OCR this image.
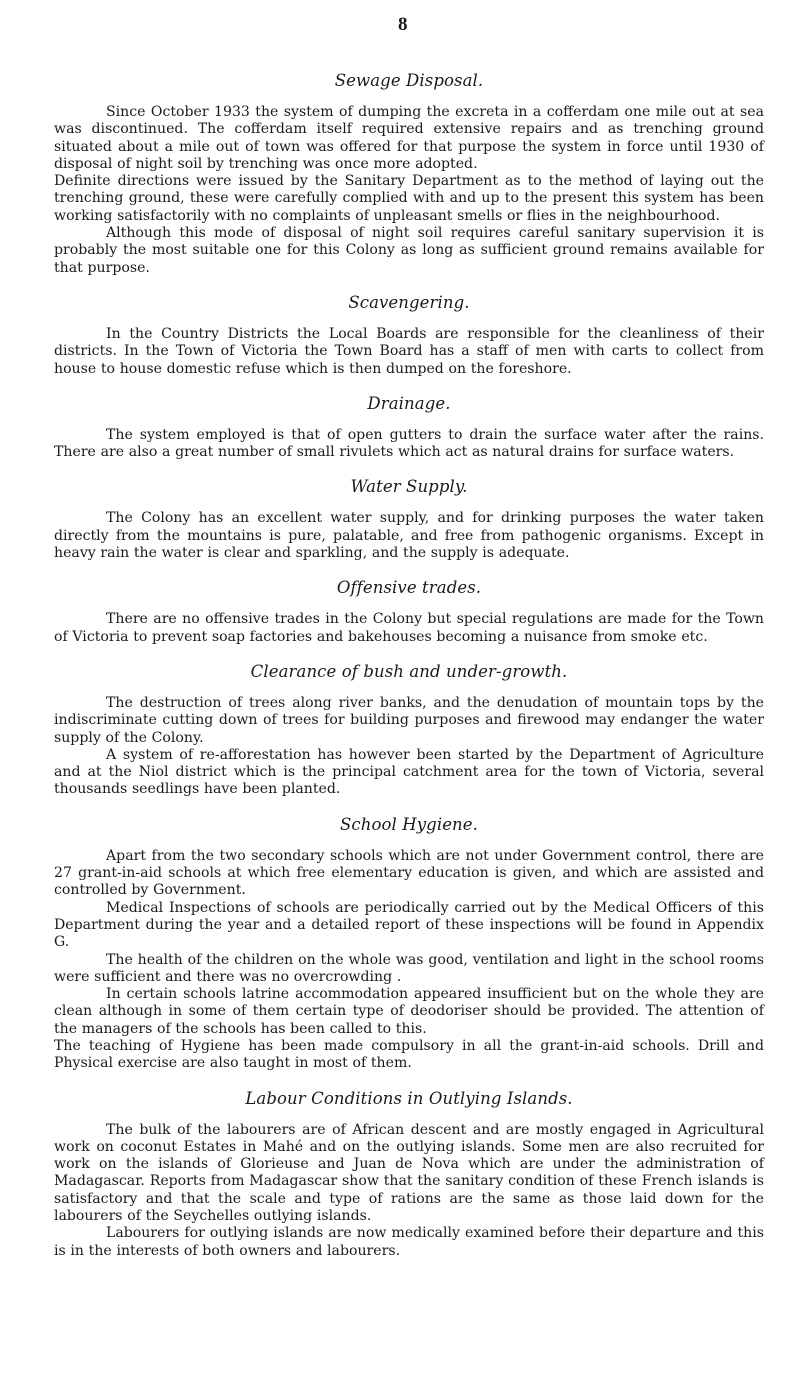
8
Sewage Disposal.

Since October 1933 the system of dumping the excreta in a cofferdam one mile out at sea was discontinued. The cofferdam itself required extensive repairs and as trenching ground situated about a mile out of town was offered for that purpose the system in force until 1930 of disposal of night soil by trenching was once more adopted.

Definite directions were issued by the Sanitary Department as to the method of laying out the trenching ground, these were carefully complied with and up to the present this system has been working satisfactorily with no complaints of unpleasant smells or flies in the neighbourhood.

Although this mode of disposal of night soil requires careful sanitary supervision it is probably the most suitable one for this Colony as long as sufficient ground remains available for that purpose.

Scavengering.

In the Country Districts the Local Boards are responsible for the cleanliness of their districts. In the Town of Victoria the Town Board has a staff of men with carts to collect from house to house domestic refuse which is then dumped on the foreshore.

Drainage.

The system employed is that of open gutters to drain the surface water after the rains. There are also a great number of small rivulets which act as natural drains for surface waters.

Water Supply.

The Colony has an excellent water supply, and for drinking purposes the water taken directly from the mountains is pure, palatable, and free from pathogenic organisms. Except in heavy rain the water is clear and sparkling, and the supply is adequate.

Offensive trades.

There are no offensive trades in the Colony but special regulations are made for the Town of Victoria to prevent soap factories and bakehouses becoming a nuisance from smoke etc.

Clearance of bush and under-growth.

The destruction of trees along river banks, and the denudation of mountain tops by the indiscriminate cutting down of trees for building purposes and firewood may endanger the water supply of the Colony.

A system of re-afforestation has however been started by the Department of Agriculture and at the Niol district which is the principal catchment area for the town of Victoria, several thousands seedlings have been planted.

School Hygiene.

Apart from the two secondary schools which are not under Government control, there are 27 grant-in-aid schools at which free elementary education is given, and which are assisted and controlled by Government.

Medical Inspections of schools are periodically carried out by the Medical Officers of this Department during the year and a detailed report of these inspections will be found in Appendix G.

The health of the children on the whole was good, ventilation and light in the school rooms were sufficient and there was no overcrowding .

In certain schools latrine accommodation appeared insufficient but on the whole they are clean although in some of them certain type of deodoriser should be provided. The attention of the managers of the schools has been called to this.

The teaching of Hygiene has been made compulsory in all the grant-in-aid schools. Drill and Physical exercise are also taught in most of them.

Labour Conditions in Outlying Islands.

The bulk of the labourers are of African descent and are mostly engaged in Agricultural work on coconut Estates in Mahé and on the outlying islands. Some men are also recruited for work on the islands of Glorieuse and Juan de Nova which are under the administration of Madagascar. Reports from Madagascar show that the sanitary condition of these French islands is satisfactory and that the scale and type of rations are the same as those laid down for the labourers of the Seychelles outlying islands.

Labourers for outlying islands are now medically examined before their departure and this is in the interests of both owners and labourers.
